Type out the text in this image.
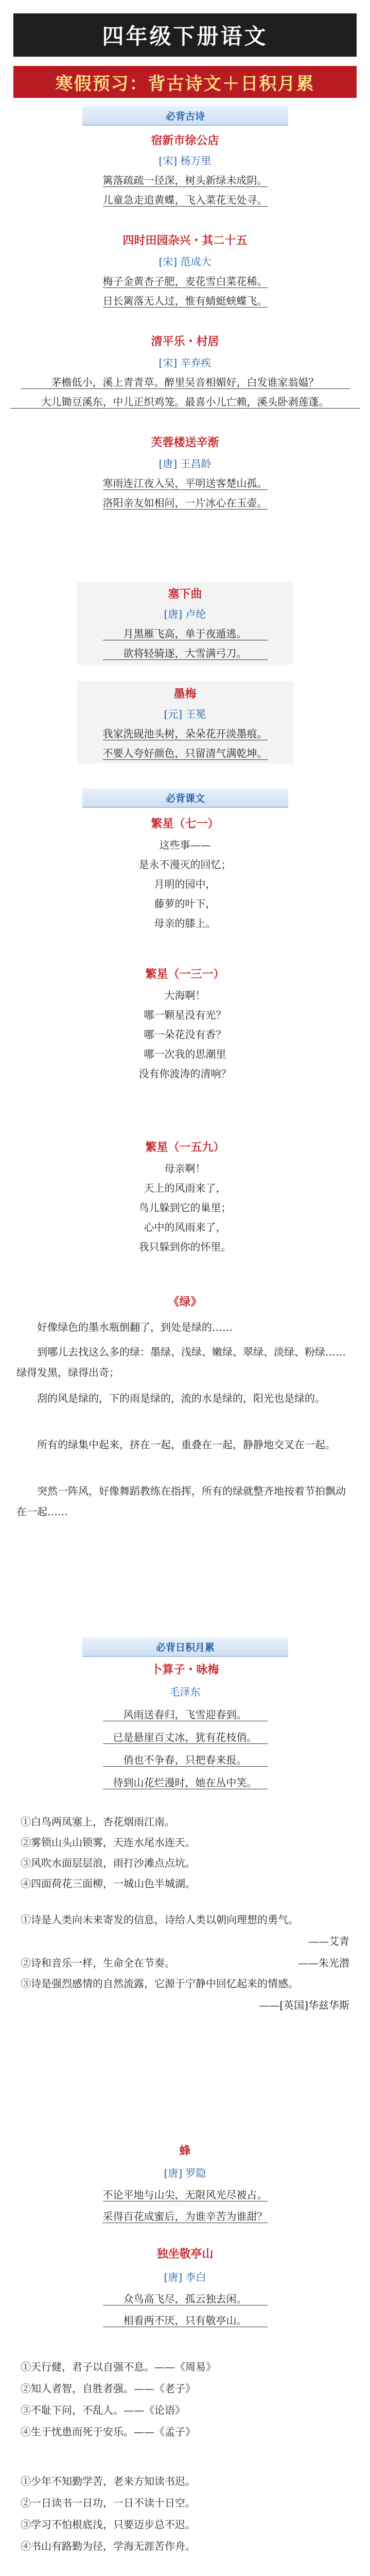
四年级下册语文
寒假预习：背古诗文＋日积月累
必背古诗
宿新市徐公店
[宋] 杨万里
篱落疏疏一径深，树头新绿未成阴。
儿童急走追黄蝶，飞入菜花无处寻。
四时田园杂兴・其二十五
[宋] 范成大
梅子金黄杏子肥，麦花雪白菜花稀。
日长篱落无人过，惟有蜻蜓蛱蝶飞。
清平乐・村居
[宋] 辛弃疾
茅檐低小，溪上青青草。醉里吴音相媚好，白发谁家翁媪？
大儿锄豆溪东，中儿正织鸡笼。最喜小儿亡赖，溪头卧剥莲蓬。
芙蓉楼送辛渐
[唐] 王昌龄
寒雨连江夜入吴，平明送客楚山孤。
洛阳亲友如相问，一片冰心在玉壶。
塞下曲
[唐] 卢纶
月黑雁飞高，单于夜遁逃。
欲将轻骑逐，大雪满弓刀。
墨梅
[元] 王冕
我家洗砚池头树，朵朵花开淡墨痕。
不要人夸好颜色，只留清气满乾坤。
必背课文
繁星（七一）
这些事——
是永不漫灭的回忆；
月明的园中，
藤萝的叶下，
母亲的膝上。
繁星（一三一）
大海啊！
哪一颗星没有光？
哪一朵花没有香？
哪一次我的思潮里
没有你波涛的清响？
繁星（一五九）
母亲啊！
天上的风雨来了，
鸟儿躲到它的巢里；
心中的风雨来了，
我只躲到你的怀里。
《绿》
好像绿色的墨水瓶倒翻了，到处是绿的……
到哪儿去找这么多的绿：墨绿、浅绿、嫩绿、翠绿、淡绿、粉绿……绿得发黑，绿得出奇；
刮的风是绿的，下的雨是绿的，流的水是绿的，阳光也是绿的。
所有的绿集中起来，挤在一起，重叠在一起，静静地交叉在一起。
突然一阵风，好像舞蹈教练在指挥，所有的绿就整齐地按着节拍飘动在一起……
必背日积月累
卜算子・咏梅
毛泽东
风雨送春归，飞雪迎春到。
已是悬崖百丈冰，犹有花枝俏。
俏也不争春，只把春来报。
待到山花烂漫时，她在丛中笑。
①白鸟两凤塞上，杏花烟雨江南。
②雾锁山头山锁雾，天连水尾水连天。
③风吹水面层层浪，雨打沙滩点点坑。
④四面荷花三面柳，一城山色半城湖。
①诗是人类向未来寄发的信息，诗给人类以朝向理想的勇气。
——艾青
②诗和音乐一样，生命全在节奏。	——朱光潜
③诗是强烈感情的自然流露，它源于宁静中回忆起来的情感。
——[英国]华兹华斯
蜂
[唐] 罗隐
不论平地与山尖，无限风光尽被占。
采得百花成蜜后，为谁辛苦为谁甜？
独坐敬亭山
[唐] 李白
众鸟高飞尽，孤云独去闲。
相看两不厌，只有敬亭山。
①天行健，君子以自强不息。——《周易》
②知人者智，自胜者强。——《老子》
③不耻下问，不乱人。——《论语》
④生于忧患而死于安乐。——《孟子》
①少年不知勤学苦，老来方知读书迟。
②一日读书一日功，一日不读十日空。
③学习不怕根底浅，只要迈步总不迟。
④书山有路勤为径，学海无涯苦作舟。
